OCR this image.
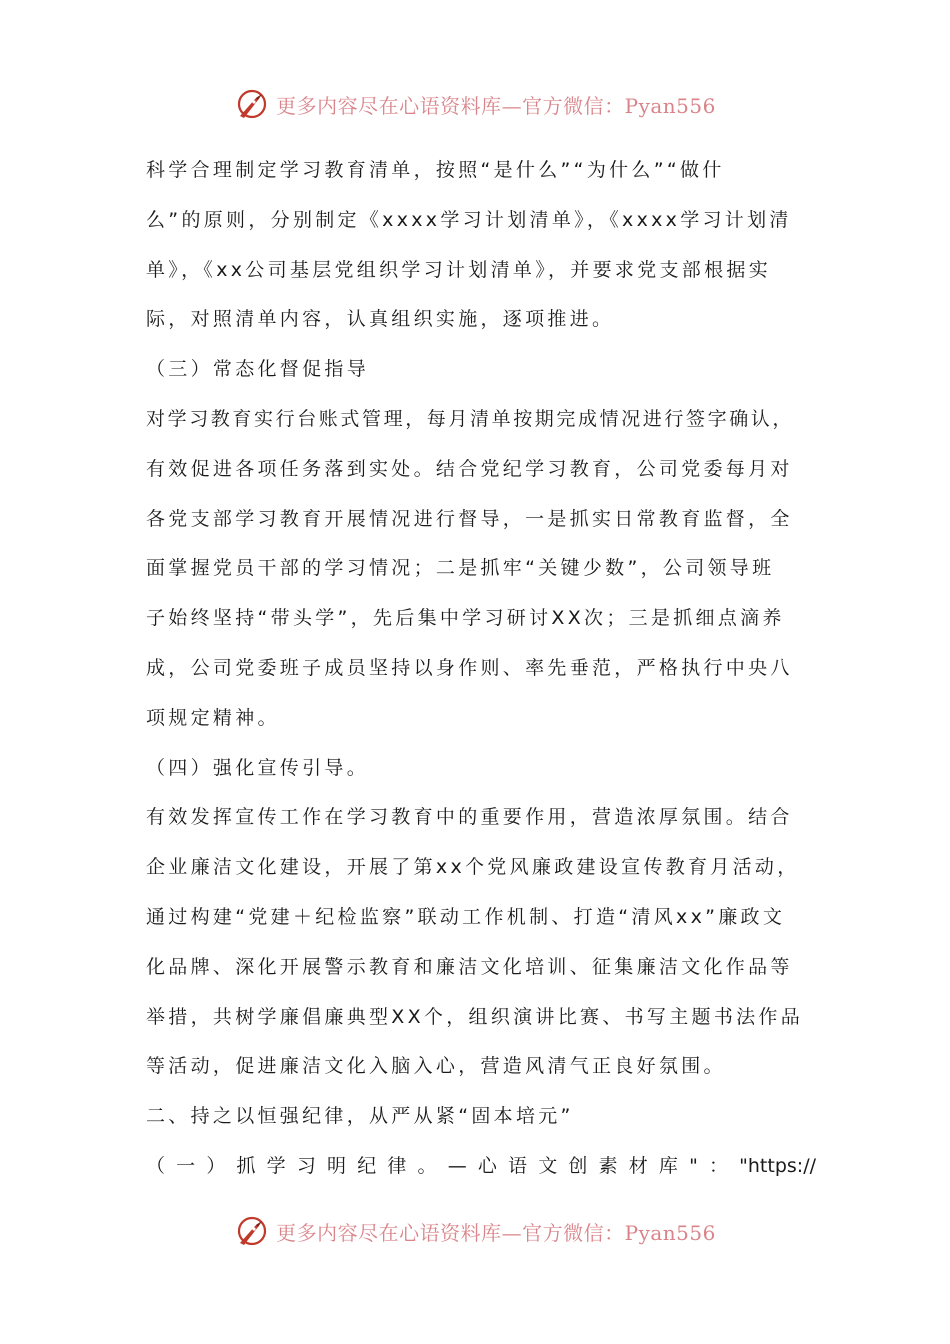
更多内容尽在心语资料库—官方微信：Pyan556
科学合理制定学习教育清单，按照“是什么”“为什么”“做什
么”的原则，分别制定《xxxx学习计划清单》，《xxxx学习计划清
单》，《xx公司基层党组织学习计划清单》，并要求党支部根据实
际，对照清单内容，认真组织实施，逐项推进。
（三）常态化督促指导
对学习教育实行台账式管理，每月清单按期完成情况进行签字确认，
有效促进各项任务落到实处。结合党纪学习教育，公司党委每月对
各党支部学习教育开展情况进行督导，一是抓实日常教育监督，全
面掌握党员干部的学习情况；二是抓牢“关键少数”，公司领导班
子始终坚持“带头学”，先后集中学习研讨XX次；三是抓细点滴养
成，公司党委班子成员坚持以身作则、率先垂范，严格执行中央八
项规定精神。
（四）强化宣传引导。
有效发挥宣传工作在学习教育中的重要作用，营造浓厚氛围。结合
企业廉洁文化建设，开展了第xx个党风廉政建设宣传教育月活动，
通过构建“党建＋纪检监察”联动工作机制、打造“清风xx”廉政文
化品牌、深化开展警示教育和廉洁文化培训、征集廉洁文化作品等
举措，共树学廉倡廉典型XX个，组织演讲比赛、书写主题书法作品
等活动，促进廉洁文化入脑入心，营造风清气正良好氛围。
二、持之以恒强纪律，从严从紧“固本培元”
（一）抓学习明纪律。—心语文创素材库"："https://
更多内容尽在心语资料库—官方微信：Pyan556
